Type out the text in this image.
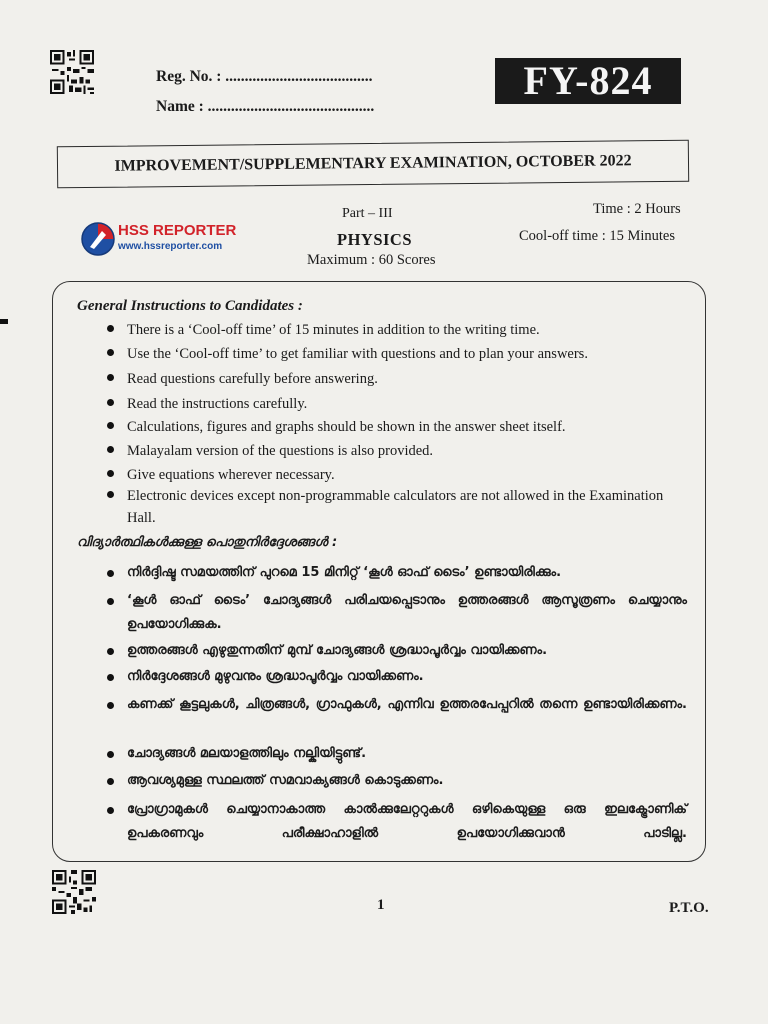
Reg. No. : ......................................
Name : ...........................................
FY-824
IMPROVEMENT/SUPPLEMENTARY EXAMINATION, OCTOBER 2022
HSS REPORTER
www.hssreporter.com
Part – III
PHYSICS
Maximum : 60 Scores
Time : 2 Hours
Cool-off time : 15 Minutes
General Instructions to Candidates :
There is a ‘Cool-off time’ of 15 minutes in addition to the writing time.
Use the ‘Cool-off time’ to get familiar with questions and to plan your answers.
Read questions carefully before answering.
Read the instructions carefully.
Calculations, figures and graphs should be shown in the answer sheet itself.
Malayalam version of the questions is also provided.
Give equations wherever necessary.
Electronic devices except non-programmable calculators are not allowed in the Examination Hall.
വിദ്യാർത്ഥികൾക്കുള്ള പൊതുനിർദ്ദേശങ്ങൾ :
നിർദ്ദിഷ്ട സമയത്തിന് പുറമെ 15 മിനിറ്റ് ‘കൂൾ ഓഫ് ടൈം’ ഉണ്ടായിരിക്കും.
‘കൂൾ ഓഫ് ടൈം’ ചോദ്യങ്ങൾ പരിചയപ്പെടാനും ഉത്തരങ്ങൾ ആസൂത്രണം ചെയ്യാനും ഉപയോഗിക്കുക.
ഉത്തരങ്ങൾ എഴുതുന്നതിന് മുമ്പ് ചോദ്യങ്ങൾ ശ്രദ്ധാപൂർവ്വം വായിക്കണം.
നിർദ്ദേശങ്ങൾ മുഴുവനും ശ്രദ്ധാപൂർവ്വം വായിക്കണം.
കണക്ക് കൂട്ടലുകൾ, ചിത്രങ്ങൾ, ഗ്രാഫുകൾ, എന്നിവ ഉത്തരപേപ്പറിൽ തന്നെ ഉണ്ടായിരിക്കണം.
ചോദ്യങ്ങൾ മലയാളത്തിലും നല്കിയിട്ടുണ്ട്.
ആവശ്യമുള്ള സ്ഥലത്ത് സമവാക്യങ്ങൾ കൊടുക്കണം.
പ്രോഗ്രാമുകൾ ചെയ്യാനാകാത്ത കാൽക്കുലേറ്ററുകൾ ഒഴികെയുള്ള ഒരു ഇലക്ട്രോണിക് ഉപകരണവും പരീക്ഷാഹാളിൽ ഉപയോഗിക്കുവാൻ പാടില്ല.
1	P.T.O.
